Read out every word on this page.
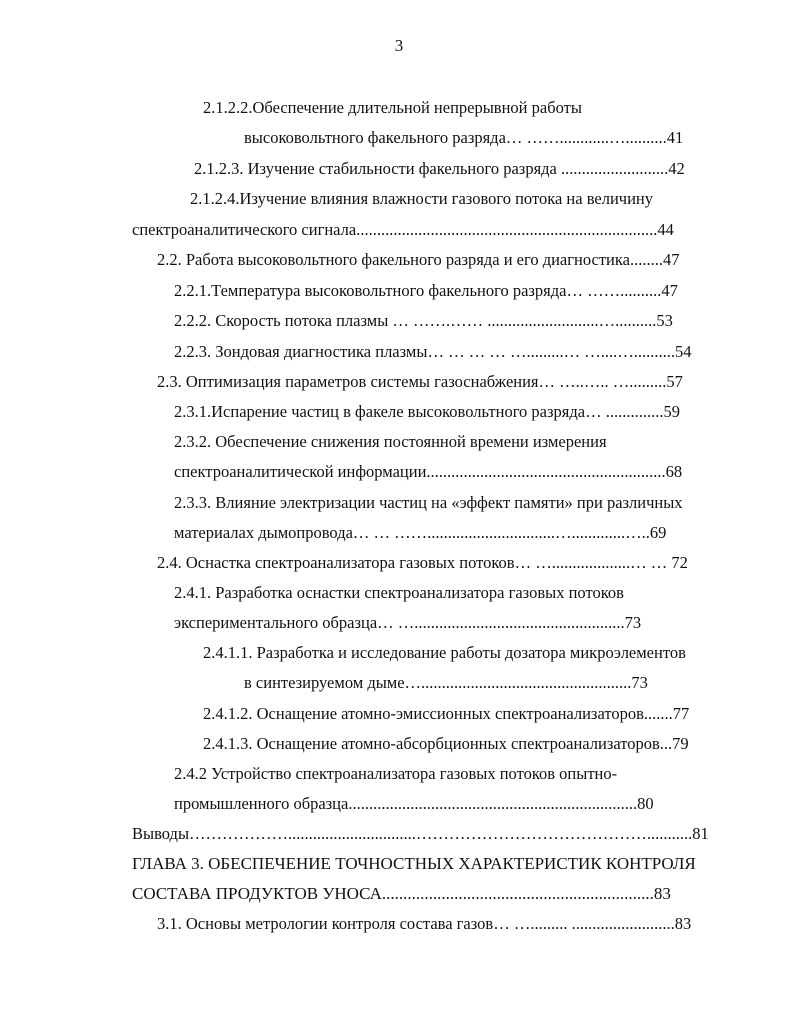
3
2.1.2.2.Обеспечение длительной непрерывной работы
высоковольтного факельного разряда… ……............…..........41
2.1.2.3. Изучение стабильности факельного разряда ..........................42
2.1.2.4.Изучение влияния влажности газового потока на величину
спектроаналитического сигнала.........................................................................44
2.2. Работа высоковольтного факельного разряда и его диагностика........47
2.2.1.Температура высоковольтного факельного разряда… ……..........47
2.2.2. Скорость потока плазмы … …….…… ...........................…..........53
2.2.3. Зондовая диагностика плазмы… … … … ….........… …....…..........54
2.3. Оптимизация параметров системы газоснабжения… …..….. ….........57
2.3.1.Испарение частиц в факеле высоковольтного разряда… ..............59
2.3.2. Обеспечение снижения постоянной времени измерения
спектроаналитической информации..........................................................68
2.3.3. Влияние электризации частиц на «эффект памяти» при различных
материалах дымопровода… … ……...............................….............…..69
2.4. Оснастка спектроанализатора газовых потоков… …...................… … 72
2.4.1. Разработка оснастки спектроанализатора газовых потоков
экспериментального образца… …...................................................73
2.4.1.1. Разработка и исследование работы дозатора микроэлементов
в синтезируемом дыме…...................................................73
2.4.1.2. Оснащение атомно-эмиссионных спектроанализаторов.......77
2.4.1.3. Оснащение атомно-абсорбционных спектроанализаторов...79
2.4.2 Устройство спектроанализатора газовых потоков опытно-
промышленного образца......................................................................80
Выводы………………...............................……………………………………...........81
ГЛАВА 3. ОБЕСПЕЧЕНИЕ ТОЧНОСТНЫХ ХАРАКТЕРИСТИК КОНТРОЛЯ
СОСТАВА ПРОДУКТОВ УНОСА................................................................83
3.1. Основы метрологии контроля состава газов… …......... .........................83
